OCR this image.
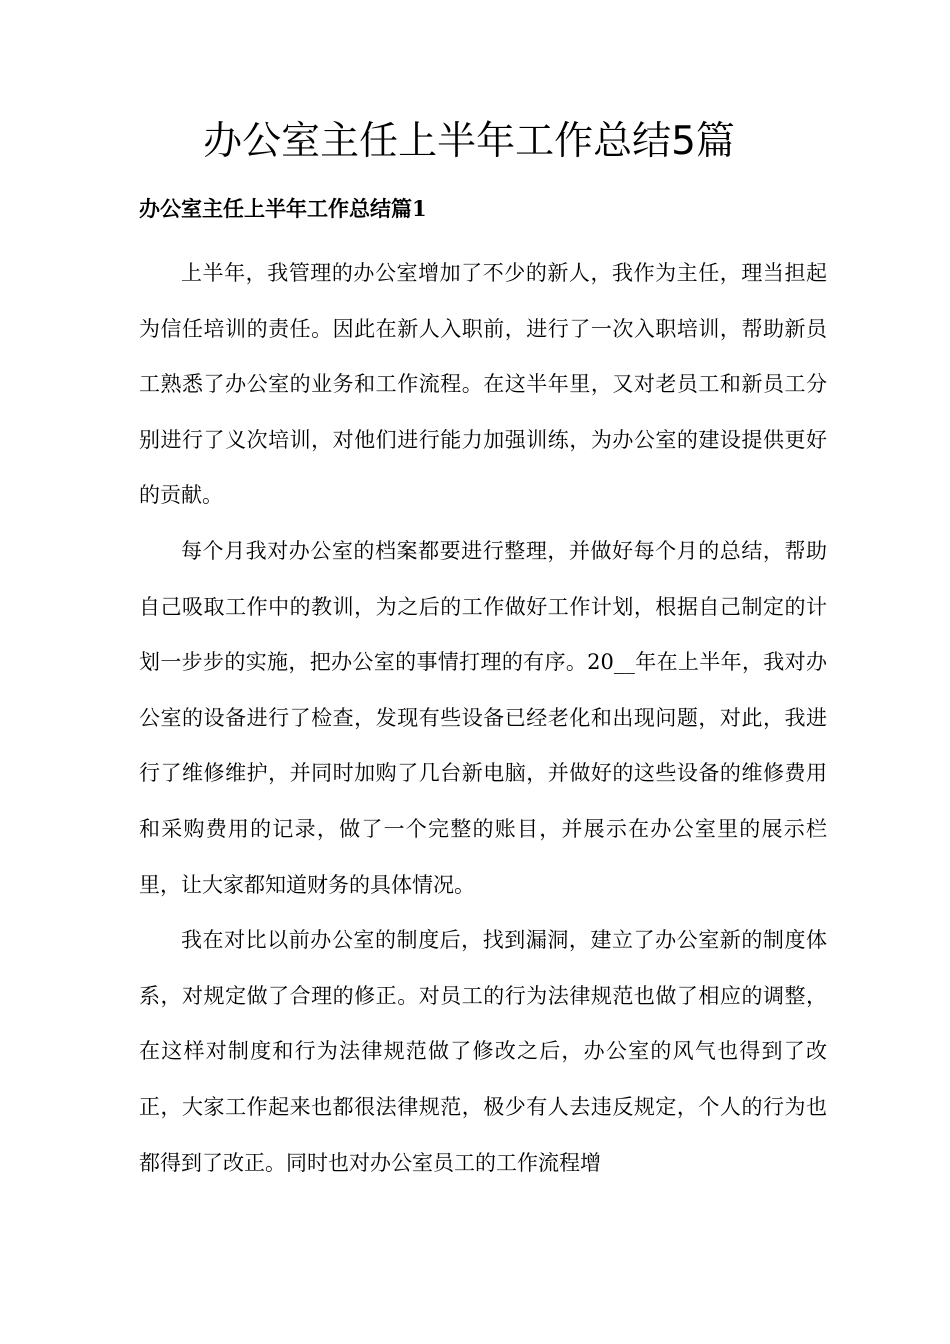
办公室主任上半年工作总结5篇
办公室主任上半年工作总结篇1

上半年，我管理的办公室增加了不少的新人，我作为主任，理当担起为信任培训的责任。因此在新人入职前，进行了一次入职培训，帮助新员工熟悉了办公室的业务和工作流程。在这半年里，又对老员工和新员工分别进行了义次培训，对他们进行能力加强训练，为办公室的建设提供更好的贡献。

每个月我对办公室的档案都要进行整理，并做好每个月的总结，帮助自己吸取工作中的教训，为之后的工作做好工作计划，根据自己制定的计划一步步的实施，把办公室的事情打理的有序。20__年在上半年，我对办公室的设备进行了检查，发现有些设备已经老化和出现问题，对此，我进行了维修维护，并同时加购了几台新电脑，并做好的这些设备的维修费用和采购费用的记录，做了一个完整的账目，并展示在办公室里的展示栏里，让大家都知道财务的具体情况。

我在对比以前办公室的制度后，找到漏洞，建立了办公室新的制度体系，对规定做了合理的修正。对员工的行为法律规范也做了相应的调整，在这样对制度和行为法律规范做了修改之后，办公室的风气也得到了改正，大家工作起来也都很法律规范，极少有人去违反规定，个人的行为也都得到了改正。同时也对办公室员工的工作流程增
